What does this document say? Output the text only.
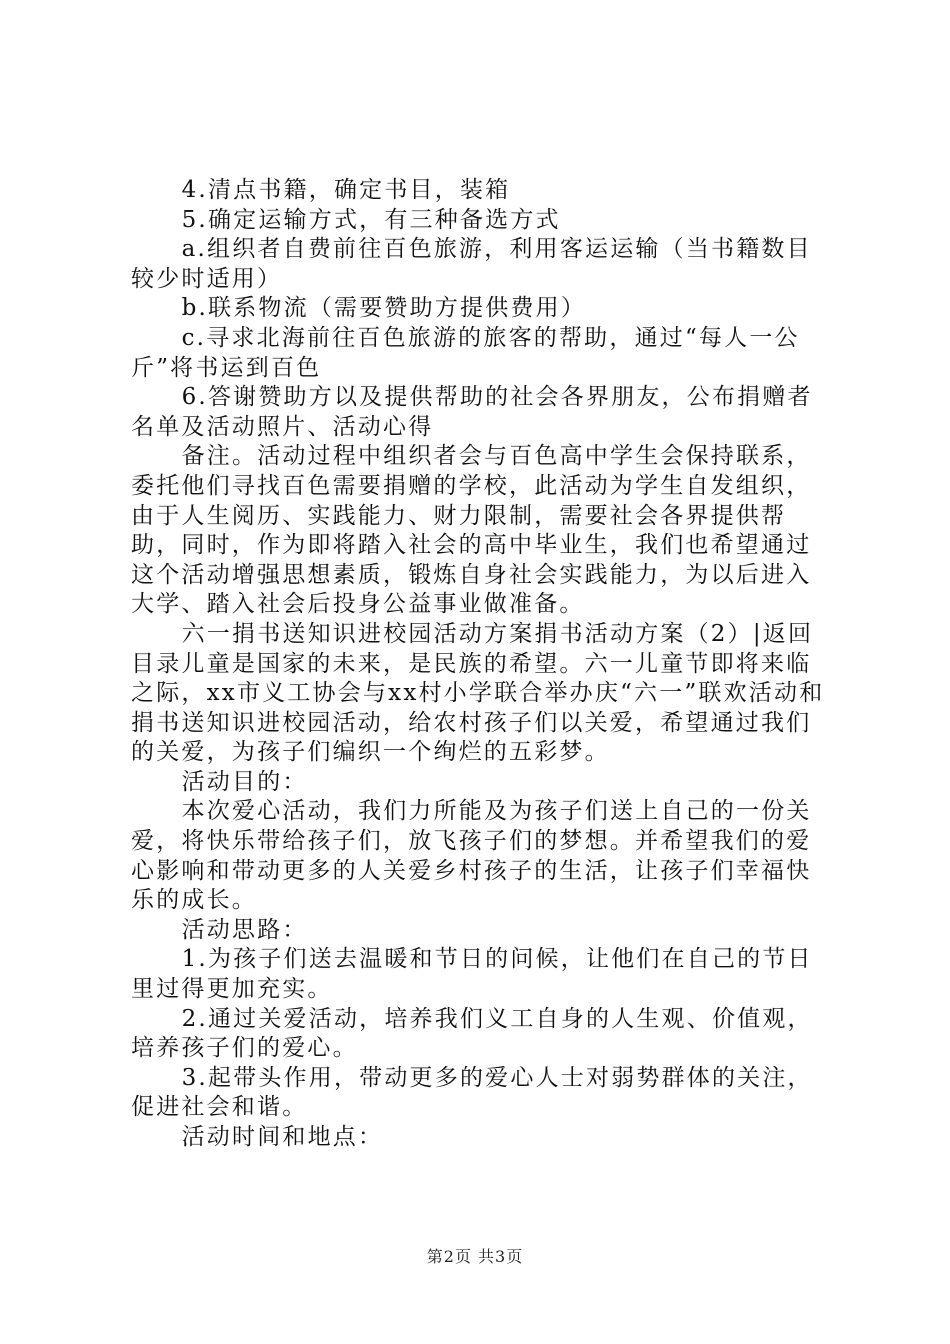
4.清点书籍，确定书目，装箱

5.确定运输方式，有三种备选方式

a.组织者自费前往百色旅游，利用客运运输（当书籍数目较少时适用）

b.联系物流（需要赞助方提供费用）

c.寻求北海前往百色旅游的旅客的帮助，通过“每人一公斤”将书运到百色

6.答谢赞助方以及提供帮助的社会各界朋友，公布捐赠者名单及活动照片、活动心得

备注。活动过程中组织者会与百色高中学生会保持联系，委托他们寻找百色需要捐赠的学校，此活动为学生自发组织，由于人生阅历、实践能力、财力限制，需要社会各界提供帮助，同时，作为即将踏入社会的高中毕业生，我们也希望通过这个活动增强思想素质，锻炼自身社会实践能力，为以后进入大学、踏入社会后投身公益事业做准备。

六一捐书送知识进校园活动方案捐书活动方案（2）|返回目录儿童是国家的未来，是民族的希望。六一儿童节即将来临之际，xx市义工协会与xx村小学联合举办庆“六一”联欢活动和捐书送知识进校园活动，给农村孩子们以关爱，希望通过我们的关爱，为孩子们编织一个绚烂的五彩梦。

活动目的：

本次爱心活动，我们力所能及为孩子们送上自己的一份关爱，将快乐带给孩子们，放飞孩子们的梦想。并希望我们的爱心影响和带动更多的人关爱乡村孩子的生活，让孩子们幸福快乐的成长。

活动思路：

1.为孩子们送去温暖和节日的问候，让他们在自己的节日里过得更加充实。

2.通过关爱活动，培养我们义工自身的人生观、价值观，培养孩子们的爱心。

3.起带头作用，带动更多的爱心人士对弱势群体的关注，促进社会和谐。

活动时间和地点：

第2页 共3页
